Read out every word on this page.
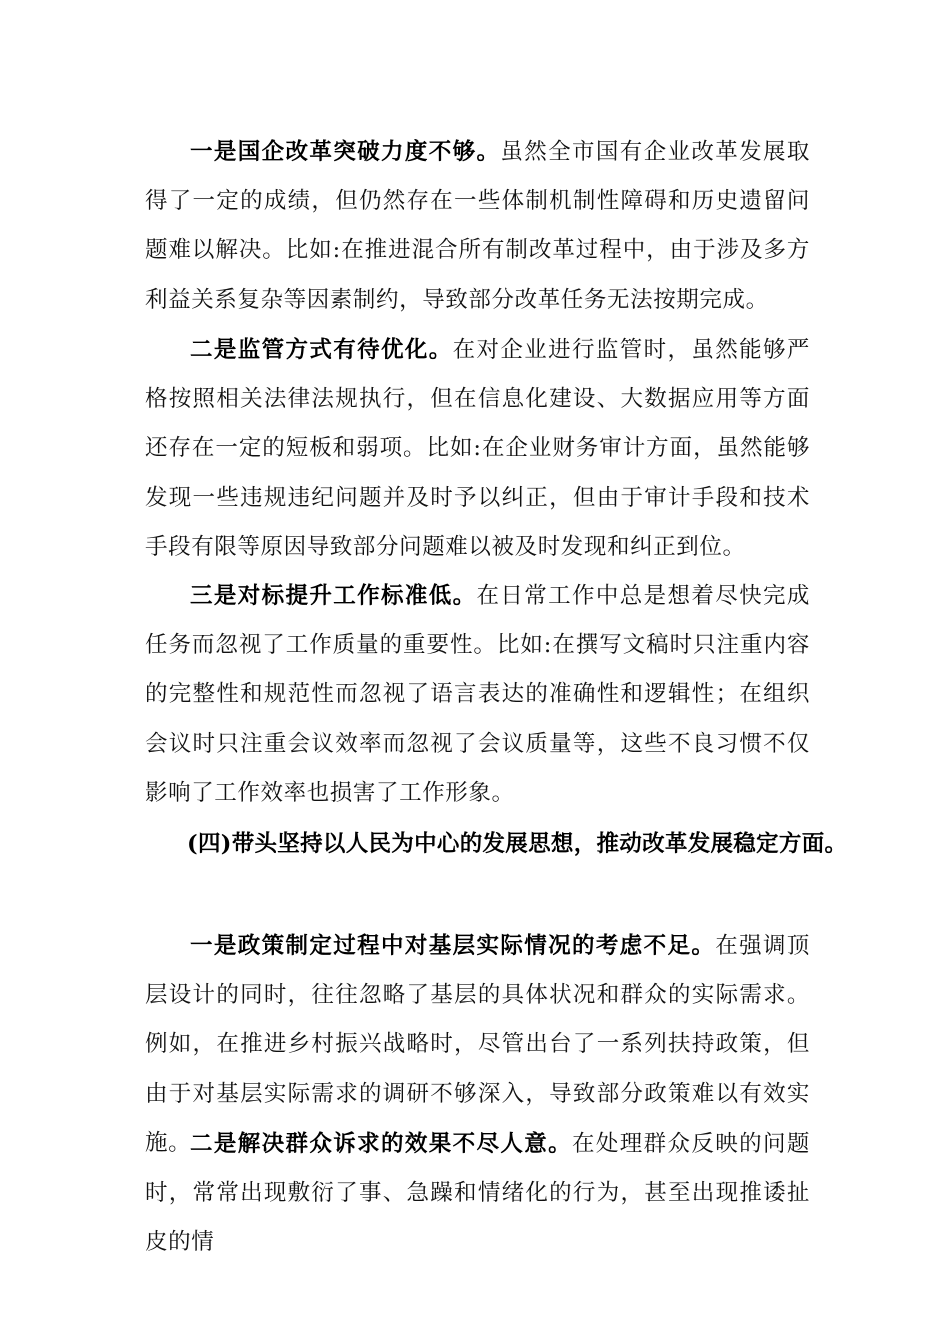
一是国企改革突破力度不够。虽然全市国有企业改革发展取得了一定的成绩，但仍然存在一些体制机制性障碍和历史遗留问题难以解决。比如:在推进混合所有制改革过程中，由于涉及多方利益关系复杂等因素制约，导致部分改革任务无法按期完成。

二是监管方式有待优化。在对企业进行监管时，虽然能够严格按照相关法律法规执行，但在信息化建设、大数据应用等方面还存在一定的短板和弱项。比如:在企业财务审计方面，虽然能够发现一些违规违纪问题并及时予以纠正，但由于审计手段和技术手段有限等原因导致部分问题难以被及时发现和纠正到位。

三是对标提升工作标准低。在日常工作中总是想着尽快完成任务而忽视了工作质量的重要性。比如:在撰写文稿时只注重内容的完整性和规范性而忽视了语言表达的准确性和逻辑性；在组织会议时只注重会议效率而忽视了会议质量等，这些不良习惯不仅影响了工作效率也损害了工作形象。

(四)带头坚持以人民为中心的发展思想，推动改革发展稳定方面。

一是政策制定过程中对基层实际情况的考虑不足。在强调顶层设计的同时，往往忽略了基层的具体状况和群众的实际需求。例如，在推进乡村振兴战略时，尽管出台了一系列扶持政策，但由于对基层实际需求的调研不够深入，导致部分政策难以有效实施。

二是解决群众诉求的效果不尽人意。在处理群众反映的问题时，常常出现敷衍了事、急躁和情绪化的行为，甚至出现推诿扯皮的情
